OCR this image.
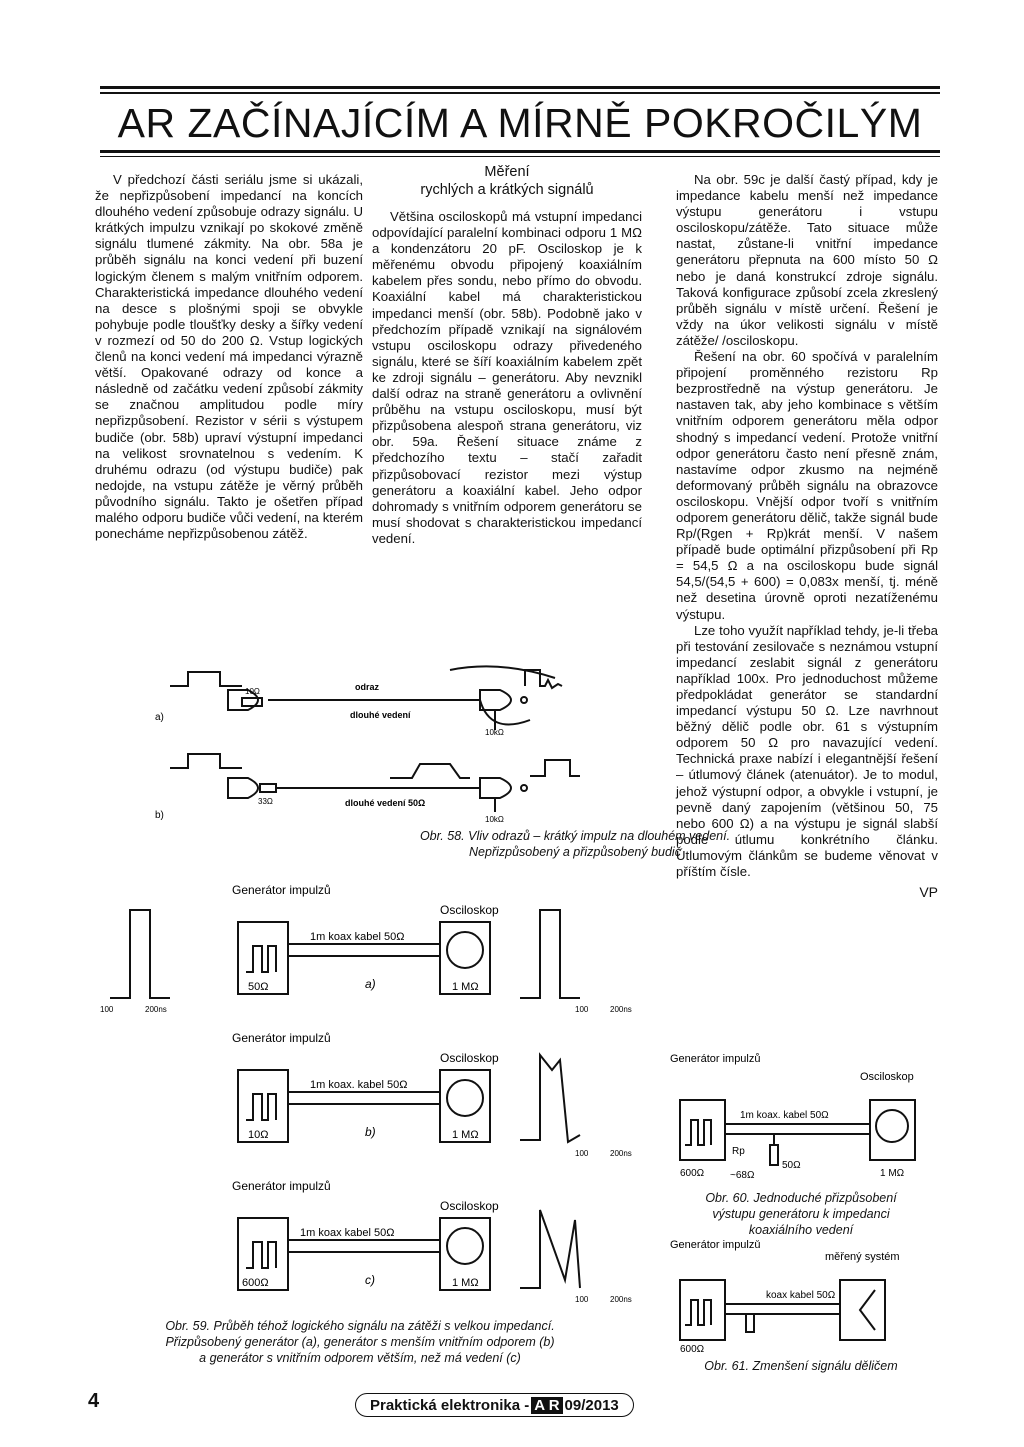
AR ZAČÍNAJÍCÍM A MÍRNĚ POKROČILÝM

V předchozí části seriálu jsme si ukázali, že nepřizpůsobení impedancí na koncích dlouhého vedení způsobuje odrazy signálu. U krátkých impulzu vznikají po skokové změně signálu tlumené zákmity. Na obr. 58a je průběh signálu na konci vedení při buzení logickým členem s malým vnitřním odporem. Charakteristická impedance dlouhého vedení na desce s plošnými spoji se obvykle pohybuje podle tloušťky desky a šířky vedení v rozmezí od 50 do 200 Ω. Vstup logických členů na konci vedení má impedanci výrazně větší. Opakované odrazy od konce a následně od začátku vedení způsobí zákmity se značnou amplitudou podle míry nepřizpůsobení. Rezistor v sérii s výstupem budiče (obr. 58b) upraví výstupní impedanci na velikost srovnatelnou s vedením. K druhému odrazu (od výstupu budiče) pak nedojde, na vstupu zátěže je věrný průběh původního signálu. Takto je ošetřen případ malého odporu budiče vůči vedení, na kterém ponecháme nepřizpůsobenou zátěž.

Měření
rychlých a krátkých signálů

Většina osciloskopů má vstupní impedanci odpovídající paralelní kombinaci odporu 1 MΩ a kondenzátoru 20 pF. Osciloskop je k měřenému obvodu připojený koaxiálním kabelem přes sondu, nebo přímo do obvodu. Koaxiální kabel má charakteristickou impedanci menší (obr. 58b). Podobně jako v předchozím případě vznikají na signálovém vstupu osciloskopu odrazy přivedeného signálu, které se šíří koaxiálním kabelem zpět ke zdroji signálu – generátoru. Aby nevznikl další odraz na straně generátoru a ovlivnění průběhu na vstupu osciloskopu, musí být přizpůsobena alespoň strana generátoru, viz obr. 59a. Řešení situace známe z předchozího textu – stačí zařadit přizpůsobovací rezistor mezi výstup generátoru a koaxiální kabel. Jeho odpor dohromady s vnitřním odporem generátoru se musí shodovat s charakteristickou impedancí vedení.

Na obr. 59c je další častý případ, kdy je impedance kabelu menší než impedance výstupu generátoru i vstupu osciloskopu/zátěže. Tato situace může nastat, zůstane-li vnitřní impedance generátoru přepnuta na 600 místo 50 Ω nebo je daná konstrukcí zdroje signálu. Taková konfigurace způsobí zcela zkreslený průběh signálu v místě určení. Řešení je vždy na úkor velikosti signálu v místě zátěže/ /osciloskopu.

Řešení na obr. 60 spočívá v paralelním připojení proměnného rezistoru Rp bezprostředně na výstup generátoru. Je nastaven tak, aby jeho kombinace s větším vnitřním odporem generátoru měla odpor shodný s impedancí vedení. Protože vnitřní odpor generátoru často není přesně znám, nastavíme odpor zkusmo na nejméně deformovaný průběh signálu na obrazovce osciloskopu. Vnější odpor tvoří s vnitřním odporem generátoru dělič, takže signál bude Rp/(Rgen + Rp)krát menší. V našem případě bude optimální přizpůsobení při Rp = 54,5 Ω a na osciloskopu bude signál 54,5/(54,5 + 600) = 0,083x menší, tj. méně než desetina úrovně oproti nezatíženému výstupu.

Lze toho využít například tehdy, je-li třeba při testování zesilovače s neznámou vstupní impedancí zeslabit signál z generátoru například 100x. Pro jednoduchost můžeme předpokládat generátor se standardní impedancí výstupu 50 Ω. Lze navrhnout běžný dělič podle obr. 61 s výstupním odporem 50 Ω pro navazující vedení. Technická praxe nabízí i elegantnější řešení – útlumový článek (atenuátor). Je to modul, jehož výstupní odpor, a obvykle i vstupní, je pevně daný zapojením (většinou 50, 75 nebo 600 Ω) a na výstupu je signál slabší podle útlumu konkrétního článku. Útlumovým článkům se budeme věnovat v příštím čísle.

VP
a)
b)
10Ω
33Ω
odraz
dlouhé vedení
dlouhé vedení 50Ω
10kΩ
10kΩ
Obr. 58. Vliv odrazů – krátký impulz na dlouhém vedení.
Nepřizpůsobený a přizpůsobený budič
Generátor impulzů
Osciloskop
1m koax kabel 50Ω
50Ω	1 MΩ
a)
Generátor impulzů
Osciloskop
1m koax. kabel 50Ω
10Ω	1 MΩ
b)
Generátor impulzů
Osciloskop
1m koax kabel 50Ω
600Ω	1 MΩ
c)
100	200ns	100	200ns
100	200ns
100	200ns
Obr. 59. Průběh téhož logického signálu na zátěži s velkou impedancí.
Přizpůsobený generátor (a), generátor s menším vnitřním odporem (b)
a generátor s vnitřním odporem větším, než má vedení (c)
Generátor impulzů
Osciloskop
1m koax. kabel 50Ω
600Ω
Rp
~68Ω
50Ω
1 MΩ
Obr. 60. Jednoduché přizpůsobení
výstupu generátoru k impedanci
koaxiálního vedení
Generátor impulzů
měřený systém
koax kabel 50Ω
600Ω
Obr. 61. Zmenšení signálu děličem
4	Praktická elektronika - A R 09/2013
